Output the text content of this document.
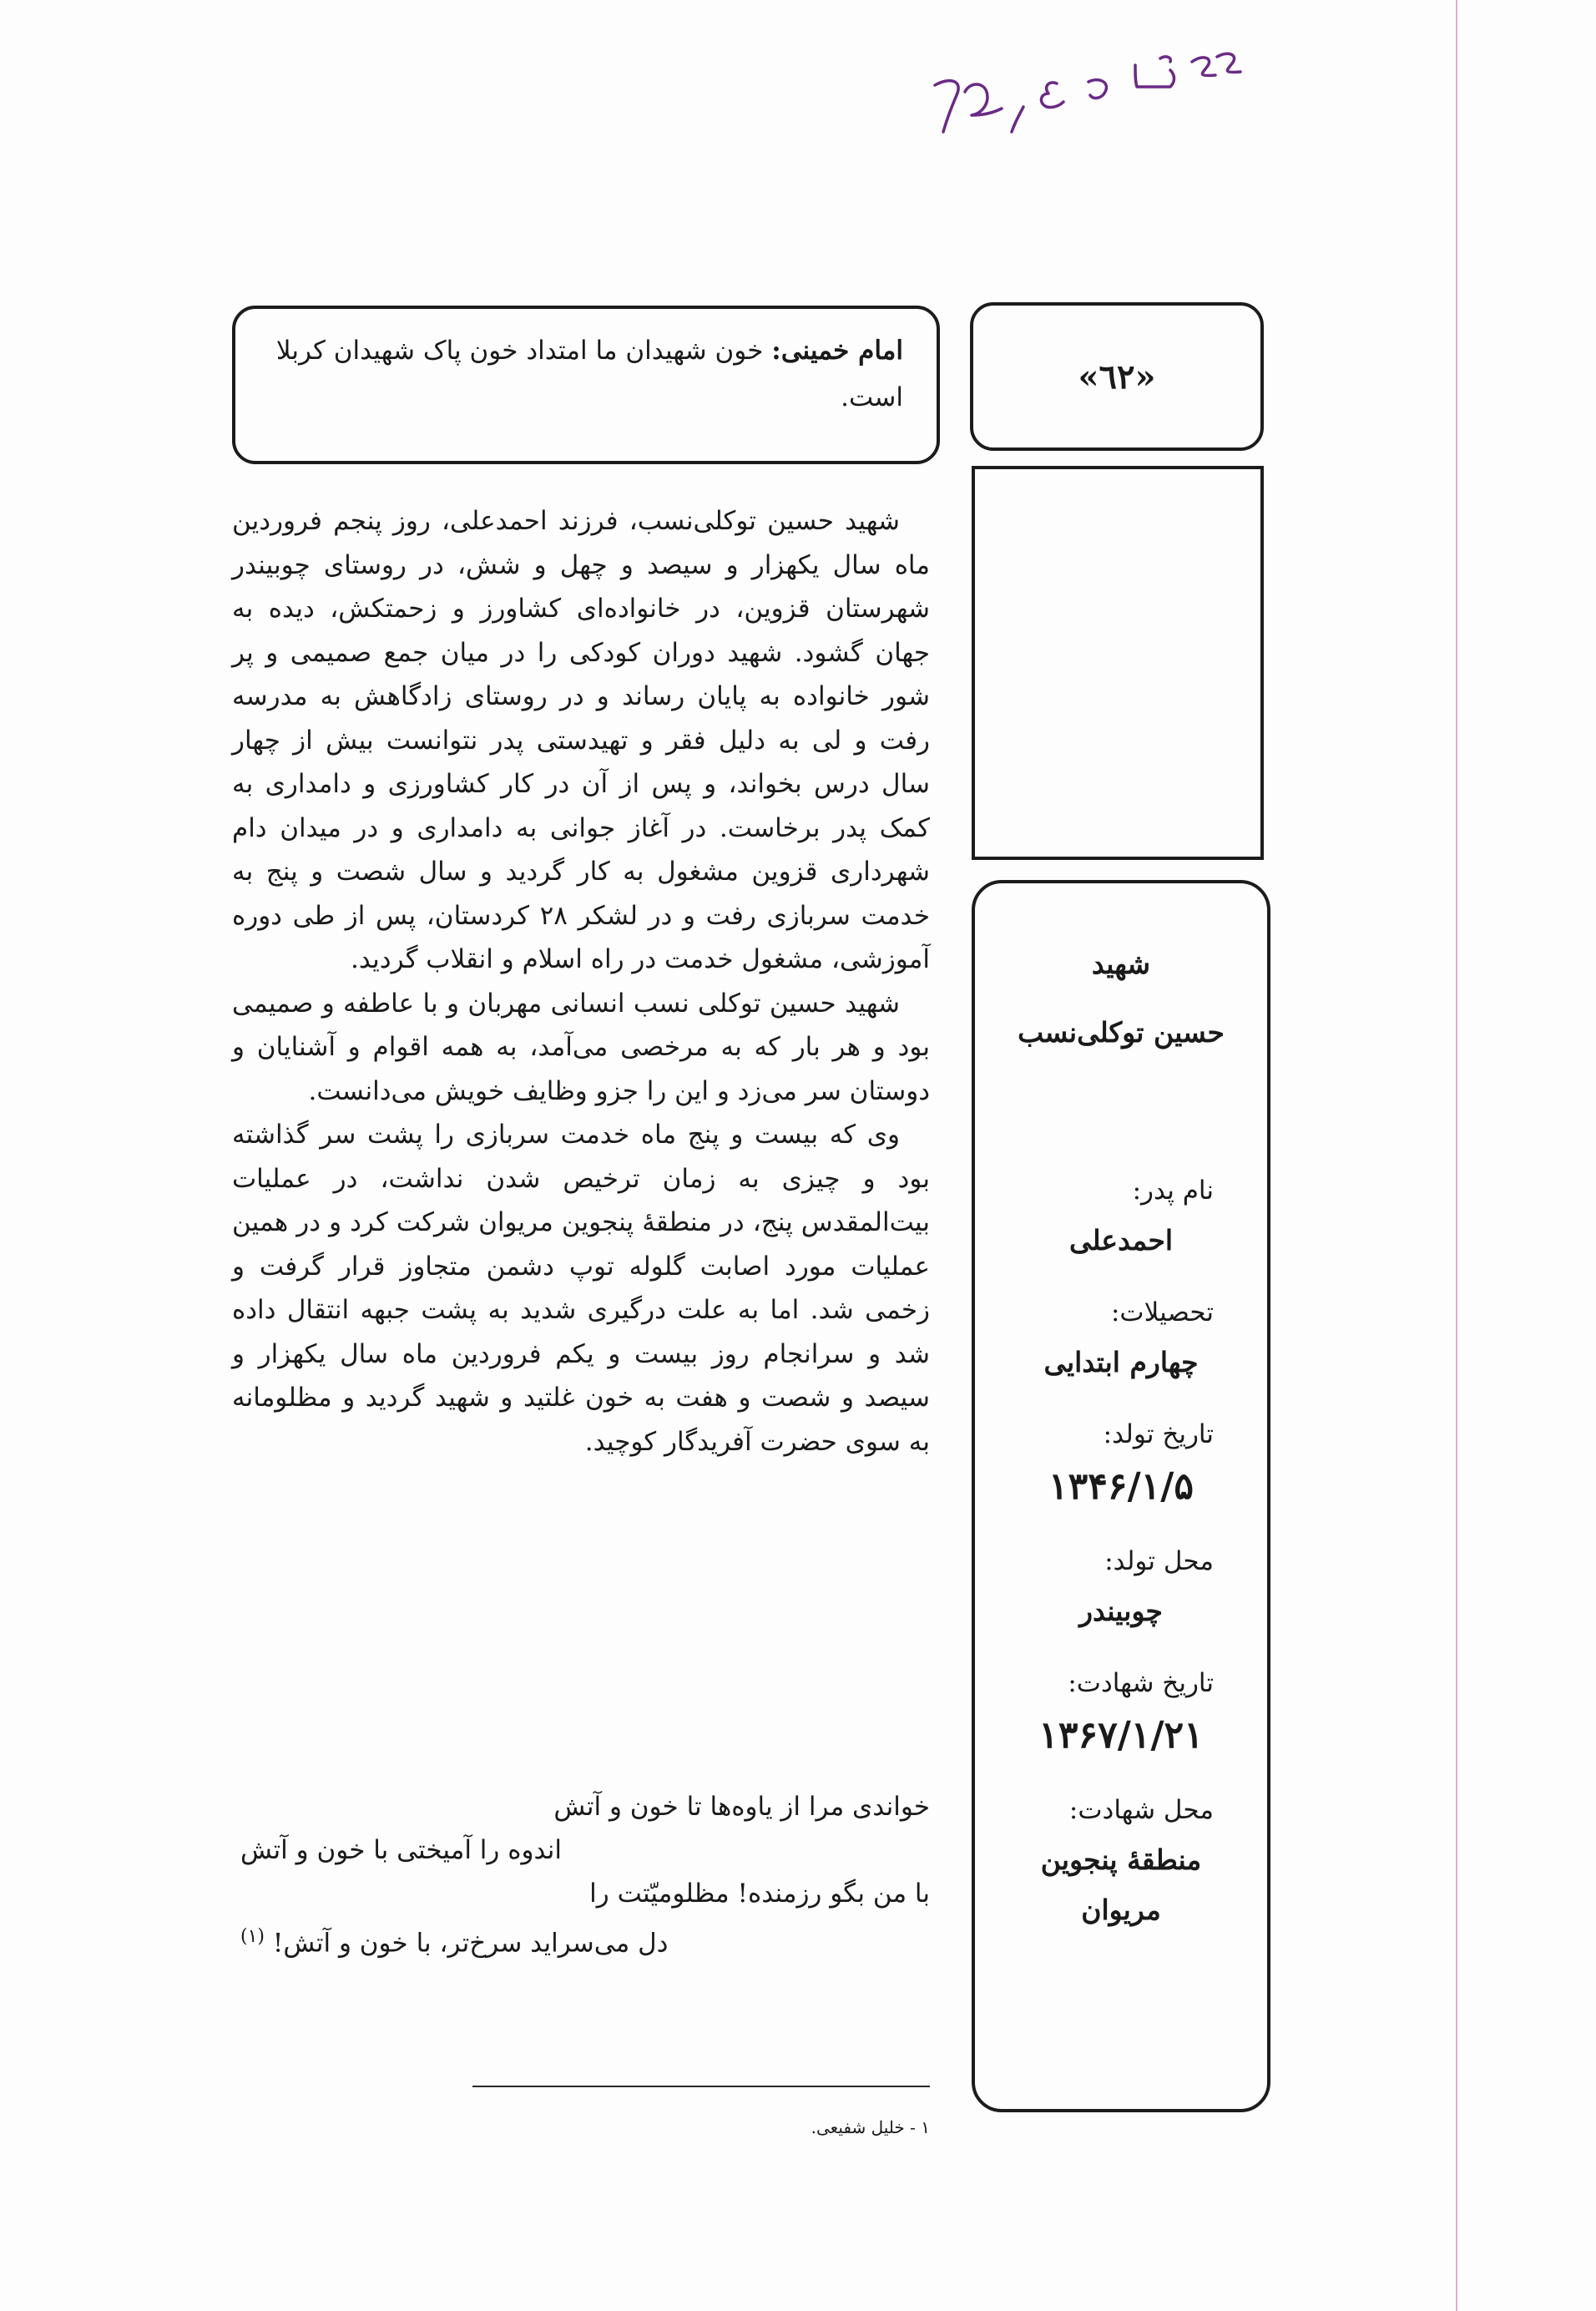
امام خمینی: خون شهیدان ما امتداد خون پاک شهیدان کربلا است.
«٦٢»
شهید
حسین توکلی‌نسب
نام پدر:
احمدعلی
تحصیلات:
چهارم ابتدایی
تاریخ تولد:
۱۳۴۶/۱/۵
محل تولد:
چوبیندر
تاریخ شهادت:
۱۳۶۷/۱/۲۱
محل شهادت:
منطقهٔ پنجوین
مریوان

شهید حسین توکلی‌نسب، فرزند احمدعلی، روز پنجم فروردین ماه سال یکهزار و سیصد و چهل و شش، در روستای چوبیندر شهرستان قزوین، در خانواده‌ای کشاورز و زحمتکش، دیده به جهان گشود. شهید دوران کودکی را در میان جمع صمیمی و پر شور خانواده به پایان رساند و در روستای زادگاهش به مدرسه رفت و لی به دلیل فقر و تهیدستی پدر نتوانست بیش از چهار سال درس بخواند، و پس از آن در کار کشاورزی و دامداری به کمک پدر برخاست. در آغاز جوانی به دامداری و در میدان دام شهرداری قزوین مشغول به کار گردید و سال شصت و پنج به خدمت سربازی رفت و در لشکر ۲۸ کردستان، پس از طی دوره آموزشی، مشغول خدمت در راه اسلام و انقلاب گردید.

شهید حسین توکلی نسب انسانی مهربان و با عاطفه و صمیمی بود و هر بار که به مرخصی می‌آمد، به همه اقوام و آشنایان و دوستان سر می‌زد و این را جزو وظایف خویش می‌دانست.

وی که بیست و پنج ماه خدمت سربازی را پشت سر گذاشته بود و چیزی به زمان ترخیص شدن نداشت، در عملیات بیت‌المقدس پنج، در منطقهٔ پنجوین مریوان شرکت کرد و در همین عملیات مورد اصابت گلوله توپ دشمن متجاوز قرار گرفت و زخمی شد. اما به علت درگیری شدید به پشت جبهه انتقال داده شد و سرانجام روز بیست و یکم فروردین ماه سال یکهزار و سیصد و شصت و هفت به خون غلتید و شهید گردید و مظلومانه به سوی حضرت آفریدگار کوچید.

خواندی مرا از یاوه‌ها تا خون و آتش
اندوه را آمیختی با خون و آتش
با من بگو رزمنده! مظلومیّتت را
دل می‌سراید سرخ‌تر، با خون و آتش! $^{(۱)}$
۱ - خلیل شفیعی.
